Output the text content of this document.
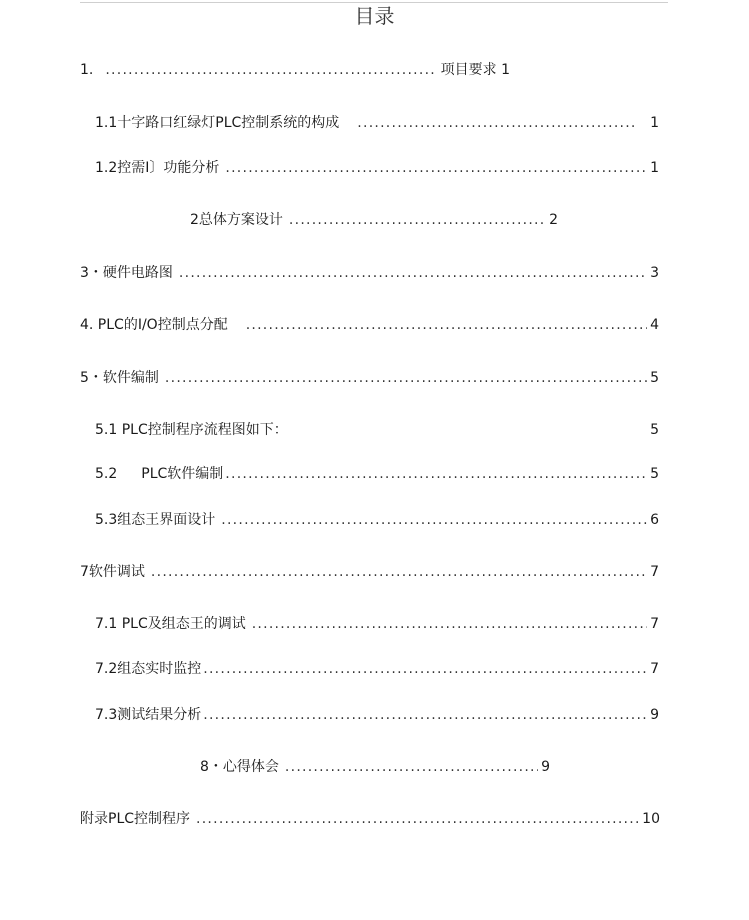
目录
1. . . .	项目要求 1
1.1十字路口红绿灯PLC控制系统的构成 . . .	1
1.2控需I〕功能分析 . . .	1
2总体方案设计 . . .	2
3・硬件电路图 . . .	3
4. PLC的I/O控制点分配 . . .	4
5・软件编制 . . .	5
5.1 PLC控制程序流程图如下：	5
5.2 PLC软件编制 . . .	5
5.3组态王界面设计 . . .	6
7软件调试 . . .	7
7.1 PLC及组态王的调试 . . .	7
7.2组态实时监控 . . .	7
7.3测试结果分析 . . .	9
8・心得体会 . . .	9
附录PLC控制程序 . . .	10
